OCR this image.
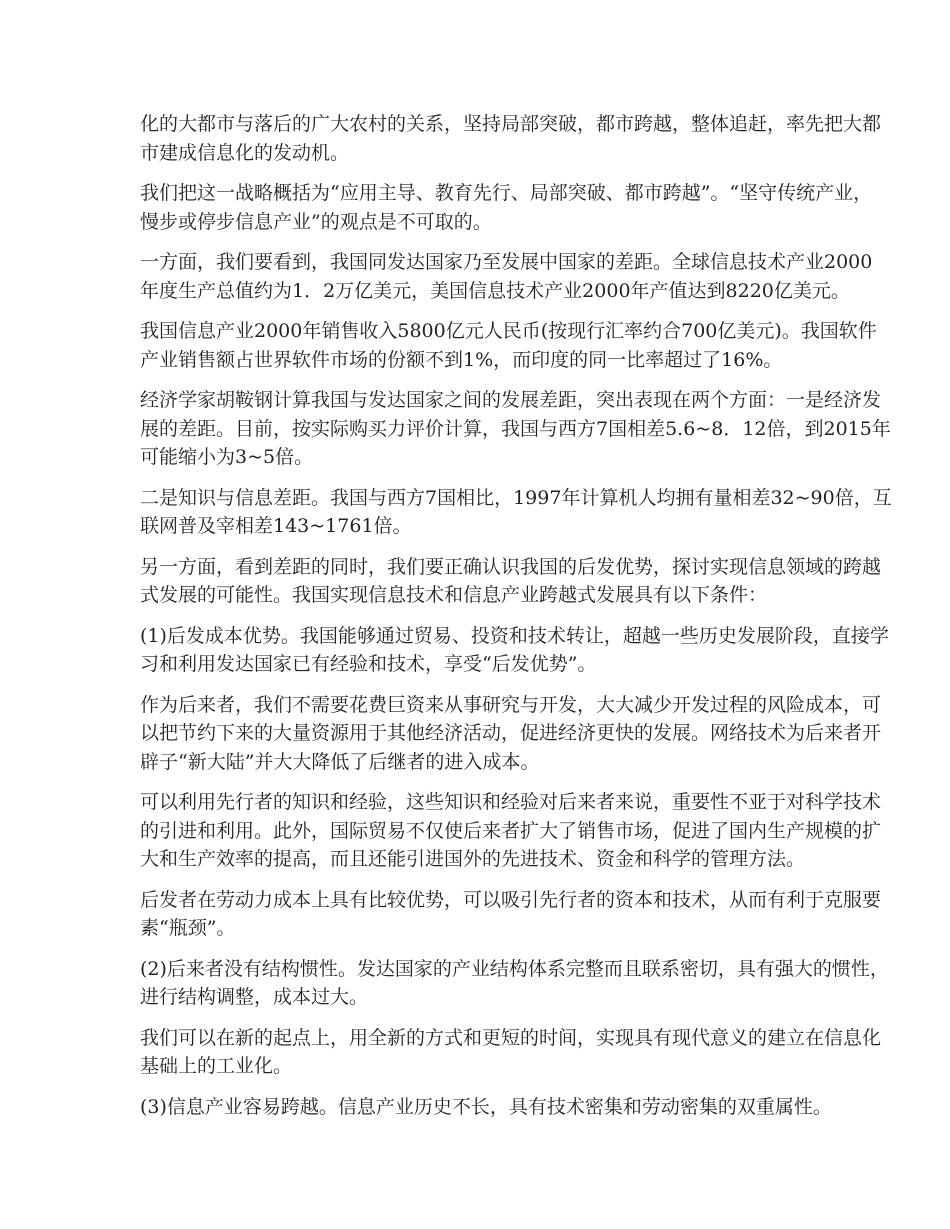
化的大都市与落后的广大农村的关系，坚持局部突破，都市跨越，整体追赶，率先把大都
市建成信息化的发动机。

我们把这一战略概括为“应用主导、教育先行、局部突破、都市跨越”。“坚守传统产业，
慢步或停步信息产业”的观点是不可取的。

一方面，我们要看到，我国同发达国家乃至发展中国家的差距。全球信息技术产业2000
年度生产总值约为1．2万亿美元，美国信息技术产业2000年产值达到8220亿美元。

我国信息产业2000年销售收入5800亿元人民币(按现行汇率约合700亿美元)。我国软件
产业销售额占世界软件市场的份额不到1%，而印度的同一比率超过了16%。

经济学家胡鞍钢计算我国与发达国家之间的发展差距，突出表现在两个方面：一是经济发
展的差距。目前，按实际购买力评价计算，我国与西方7国相差5.6~8．12倍，到2015年
可能缩小为3~5倍。

二是知识与信息差距。我国与西方7国相比，1997年计算机人均拥有量相差32~90倍，互
联网普及宰相差143~1761倍。

另一方面，看到差距的同时，我们要正确认识我国的后发优势，探讨实现信息领域的跨越
式发展的可能性。我国实现信息技术和信息产业跨越式发展具有以下条件：

(1)后发成本优势。我国能够通过贸易、投资和技术转让，超越一些历史发展阶段，直接学
习和利用发达国家已有经验和技术，享受“后发优势”。

作为后来者，我们不需要花费巨资来从事研究与开发，大大减少开发过程的风险成本，可
以把节约下来的大量资源用于其他经济活动，促进经济更快的发展。网络技术为后来者开
辟子“新大陆”并大大降低了后继者的进入成本。

可以利用先行者的知识和经验，这些知识和经验对后来者来说，重要性不亚于对科学技术
的引进和利用。此外，国际贸易不仅使后来者扩大了销售市场，促进了国内生产规模的扩
大和生产效率的提高，而且还能引进国外的先进技术、资金和科学的管理方法。

后发者在劳动力成本上具有比较优势，可以吸引先行者的资本和技术，从而有利于克服要
素“瓶颈”。

(2)后来者没有结构惯性。发达国家的产业结构体系完整而且联系密切，具有强大的惯性，
进行结构调整，成本过大。

我们可以在新的起点上，用全新的方式和更短的时间，实现具有现代意义的建立在信息化
基础上的工业化。

(3)信息产业容易跨越。信息产业历史不长，具有技术密集和劳动密集的双重属性。
